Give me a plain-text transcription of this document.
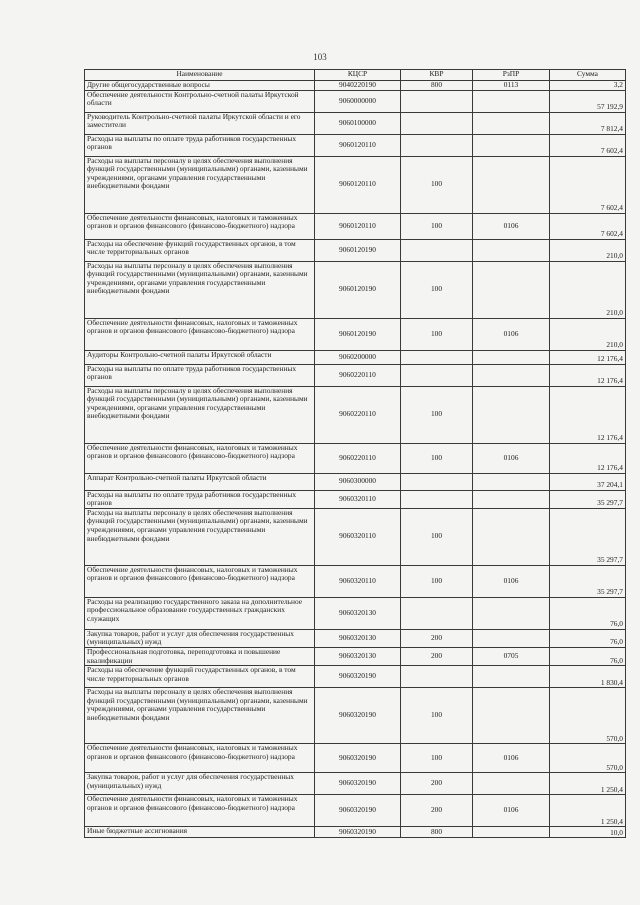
103
Наименование	КЦСР	КВР	РзПР	Сумма
Другие общегосударственные вопросы	9040220190	800	0113	3,2
Обеспечение деятельности Контрольно-счетной палаты Иркутской области	9060000000			57 192,9
Руководитель Контрольно-счетной палаты Иркутской области и его заместители	9060100000			7 812,4
Расходы на выплаты по оплате труда работников государственных органов	9060120110			7 602,4
Расходы на выплаты персоналу в целях обеспечения выполнения функций государственными (муниципальными) органами, казенными учреждениями, органами управления государственными внебюджетными фондами	9060120110	100		7 602,4
Обеспечение деятельности финансовых, налоговых и таможенных органов и органов финансового (финансово-бюджетного) надзора	9060120110	100	0106	7 602,4
Расходы на обеспечение функций государственных органов, в том числе территориальных органов	9060120190			210,0
Расходы на выплаты персоналу в целях обеспечения выполнения функций государственными (муниципальными) органами, казенными учреждениями, органами управления государственными внебюджетными фондами	9060120190	100		210,0
Обеспечение деятельности финансовых, налоговых и таможенных органов и органов финансового (финансово-бюджетного) надзора	9060120190	100	0106	210,0
Аудиторы Контрольно-счетной палаты Иркутской области	9060200000			12 176,4
Расходы на выплаты по оплате труда работников государственных органов	9060220110			12 176,4
Расходы на выплаты персоналу в целях обеспечения выполнения функций государственными (муниципальными) органами, казенными учреждениями, органами управления государственными внебюджетными фондами	9060220110	100		12 176,4
Обеспечение деятельности финансовых, налоговых и таможенных органов и органов финансового (финансово-бюджетного) надзора	9060220110	100	0106	12 176,4
Аппарат Контрольно-счетной палаты Иркутской области	9060300000			37 204,1
Расходы на выплаты по оплате труда работников государственных органов	9060320110			35 297,7
Расходы на выплаты персоналу в целях обеспечения выполнения функций государственными (муниципальными) органами, казенными учреждениями, органами управления государственными внебюджетными фондами	9060320110	100		35 297,7
Обеспечение деятельности финансовых, налоговых и таможенных органов и органов финансового (финансово-бюджетного) надзора	9060320110	100	0106	35 297,7
Расходы на реализацию государственного заказа на дополнительное профессиональное образование государственных гражданских служащих	9060320130			76,0
Закупка товаров, работ и услуг для обеспечения государственных (муниципальных) нужд	9060320130	200		76,0
Профессиональная подготовка, переподготовка и повышение квалификации	9060320130	200	0705	76,0
Расходы на обеспечение функций государственных органов, в том числе территориальных органов	9060320190			1 830,4
Расходы на выплаты персоналу в целях обеспечения выполнения функций государственными (муниципальными) органами, казенными учреждениями, органами управления государственными внебюджетными фондами	9060320190	100		570,0
Обеспечение деятельности финансовых, налоговых и таможенных органов и органов финансового (финансово-бюджетного) надзора	9060320190	100	0106	570,0
Закупка товаров, работ и услуг для обеспечения государственных (муниципальных) нужд	9060320190	200		1 250,4
Обеспечение деятельности финансовых, налоговых и таможенных органов и органов финансового (финансово-бюджетного) надзора	9060320190	200	0106	1 250,4
Иные бюджетные ассигнования	9060320190	800		10,0
